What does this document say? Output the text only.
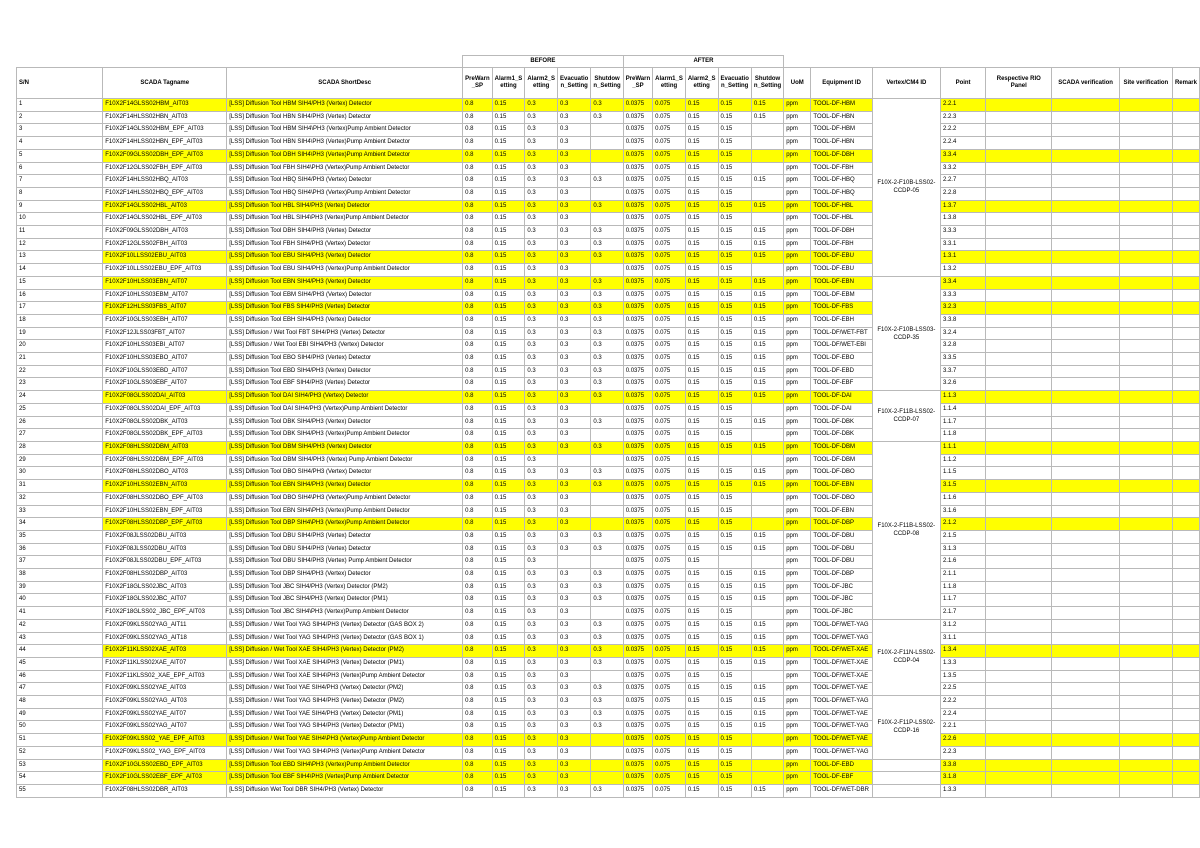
			BEFORE					AFTER												
S/N	SCADA Tagname	SCADA ShortDesc	PreWarn _SP	Alarm1_S etting	Alarm2_S etting	Evacuatio n_Setting	Shutdow n_Setting	PreWarn _SP	Alarm1_S etting	Alarm2_S etting	Evacuatio n_Setting	Shutdow n_Setting	UoM	Equipment ID	Vertex/CM4 ID	Point	Respective RIO Panel	SCADA verification	Site verification	Remark
1	F10X2F14GLSS02HBM_AIT03	[LSS] Diffusion Tool HBM SIH4/PH3 (Vertex) Detector	0.8	0.15	0.3	0.3	0.3	0.0375	0.075	0.15	0.15	0.15	ppm	TOOL-DF-HBM	F10X-2-F10B-LSS02-CCDP-05	2.2.1				
2	F10X2F14HLSS02HBN_AIT03	[LSS] Diffusion Tool HBN SIH4/PH3 (Vertex) Detector	0.8	0.15	0.3	0.3	0.3	0.0375	0.075	0.15	0.15	0.15	ppm	TOOL-DF-HBN		2.2.3				
3	F10X2F14GLSS02HBM_EPF_AIT03	[LSS] Diffusion Tool HBM SIH4\PH3 (Vertex)Pump Ambient Detector	0.8	0.15	0.3	0.3		0.0375	0.075	0.15	0.15		ppm	TOOL-DF-HBM		2.2.2				
4	F10X2F14HLSS02HBN_EPF_AIT03	[LSS] Diffusion Tool HBN SIH4\PH3 (Vertex)Pump Ambient Detector	0.8	0.15	0.3	0.3		0.0375	0.075	0.15	0.15		ppm	TOOL-DF-HBN		2.2.4				
5	F10X2F09GLSS02DBH_EPF_AIT03	[LSS] Diffusion Tool DBH SIH4\PH3 (Vertex)Pump Ambient Detector	0.8	0.15	0.3	0.3		0.0375	0.075	0.15	0.15		ppm	TOOL-DF-DBH		3.3.4				
6	F10X2F12GLSS02FBH_EPF_AIT03	[LSS] Diffusion Tool FBH SIH4\PH3 (Vertex)Pump Ambient Detector	0.8	0.15	0.3	0.3		0.0375	0.075	0.15	0.15		ppm	TOOL-DF-FBH		3.3.2				
7	F10X2F14HLSS02HBQ_AIT03	[LSS] Diffusion Tool HBQ SIH4/PH3 (Vertex) Detector	0.8	0.15	0.3	0.3	0.3	0.0375	0.075	0.15	0.15	0.15	ppm	TOOL-DF-HBQ		2.2.7				
8	F10X2F14HLSS02HBQ_EPF_AIT03	[LSS] Diffusion Tool HBQ SIH4\PH3 (Vertex)Pump Ambient Detector	0.8	0.15	0.3	0.3		0.0375	0.075	0.15	0.15		ppm	TOOL-DF-HBQ		2.2.8				
9	F10X2F14GLSS02HBL_AIT03	[LSS] Diffusion Tool HBL SIH4/PH3 (Vertex) Detector	0.8	0.15	0.3	0.3	0.3	0.0375	0.075	0.15	0.15	0.15	ppm	TOOL-DF-HBL		1.3.7				
10	F10X2F14GLSS02HBL_EPF_AIT03	[LSS] Diffusion Tool HBL SIH4\PH3 (Vertex)Pump Ambient Detector	0.8	0.15	0.3	0.3		0.0375	0.075	0.15	0.15		ppm	TOOL-DF-HBL		1.3.8				
11	F10X2F09GLSS02DBH_AIT03	[LSS] Diffusion Tool DBH SIH4/PH3 (Vertex) Detector	0.8	0.15	0.3	0.3	0.3	0.0375	0.075	0.15	0.15	0.15	ppm	TOOL-DF-DBH		3.3.3				
12	F10X2F12GLSS02FBH_AIT03	[LSS] Diffusion Tool FBH SIH4/PH3 (Vertex) Detector	0.8	0.15	0.3	0.3	0.3	0.0375	0.075	0.15	0.15	0.15	ppm	TOOL-DF-FBH		3.3.1				
13	F10X2F10LLSS02EBU_AIT03	[LSS] Diffusion Tool EBU SIH4/PH3 (Vertex) Detector	0.8	0.15	0.3	0.3	0.3	0.0375	0.075	0.15	0.15	0.15	ppm	TOOL-DF-EBU		1.3.1				
14	F10X2F10LLSS02EBU_EPF_AIT03	[LSS] Diffusion Tool EBU SIH4/PH3 (Vertex)Pump Ambient Detector	0.8	0.15	0.3	0.3		0.0375	0.075	0.15	0.15		ppm	TOOL-DF-EBU		1.3.2				
15	F10X2F10HLSS03EBN_AIT07	[LSS] Diffusion Tool EBN SIH4/PH3 (Vertex) Detector	0.8	0.15	0.3	0.3	0.3	0.0375	0.075	0.15	0.15	0.15	ppm	TOOL-DF-EBN	F10X-2-F10B-LSS03-CCDP-35	3.3.4				
16	F10X2F10HLSS03EBM_AIT07	[LSS] Diffusion Tool EBM SIH4/PH3 (Vertex) Detector	0.8	0.15	0.3	0.3	0.3	0.0375	0.075	0.15	0.15	0.15	ppm	TOOL-DF-EBM		3.3.3				
17	F10X2F12HLSS03FBS_AIT07	[LSS] Diffusion Tool FBS SIH4/PH3 (Vertex) Detector	0.8	0.15	0.3	0.3	0.3	0.0375	0.075	0.15	0.15	0.15	ppm	TOOL-DF-FBS		3.2.3				
18	F10X2F10GLSS03EBH_AIT07	[LSS] Diffusion Tool EBH SIH4/PH3 (Vertex) Detector	0.8	0.15	0.3	0.3	0.3	0.0375	0.075	0.15	0.15	0.15	ppm	TOOL-DF-EBH		3.3.8				
19	F10X2F12JLSS03FBT_AIT07	[LSS] Diffusion / Wet Tool FBT SIH4/PH3 (Vertex) Detector	0.8	0.15	0.3	0.3	0.3	0.0375	0.075	0.15	0.15	0.15	ppm	TOOL-DF/WET-FBT		3.2.4				
20	F10X2F10HLSS03EBI_AIT07	[LSS] Diffusion / Wet Tool EBI SIH4/PH3 (Vertex) Detector	0.8	0.15	0.3	0.3	0.3	0.0375	0.075	0.15	0.15	0.15	ppm	TOOL-DF/WET-EBI		3.2.8				
21	F10X2F10HLSS03EBO_AIT07	[LSS] Diffusion Tool EBO SIH4/PH3 (Vertex) Detector	0.8	0.15	0.3	0.3	0.3	0.0375	0.075	0.15	0.15	0.15	ppm	TOOL-DF-EBO		3.3.5				
22	F10X2F10GLSS03EBD_AIT07	[LSS] Diffusion Tool EBD SIH4/PH3 (Vertex) Detector	0.8	0.15	0.3	0.3	0.3	0.0375	0.075	0.15	0.15	0.15	ppm	TOOL-DF-EBD		3.3.7				
23	F10X2F10GLSS03EBF_AIT07	[LSS] Diffusion Tool EBF SIH4/PH3 (Vertex) Detector	0.8	0.15	0.3	0.3	0.3	0.0375	0.075	0.15	0.15	0.15	ppm	TOOL-DF-EBF		3.2.6				
24	F10X2F08GLSS02DAI_AIT03	[LSS] Diffusion Tool DAI SIH4/PH3 (Vertex) Detector	0.8	0.15	0.3	0.3	0.3	0.0375	0.075	0.15	0.15	0.15	ppm	TOOL-DF-DAI	F10X-2-F11B-LSS02-CCDP-07	1.1.3				
25	F10X2F08GLSS02DAI_EPF_AIT03	[LSS] Diffusion Tool DAI SIH4/PH3 (Vertex)Pump Ambient Detector	0.8	0.15	0.3	0.3		0.0375	0.075	0.15	0.15		ppm	TOOL-DF-DAI		1.1.4				
26	F10X2F08GLSS02DBK_AIT03	[LSS] Diffusion Tool DBK SIH4/PH3 (Vertex) Detector	0.8	0.15	0.3	0.3	0.3	0.0375	0.075	0.15	0.15	0.15	ppm	TOOL-DF-DBK		1.1.7				
27	F10X2F08GLSS02DBK_EPF_AIT03	[LSS] Diffusion Tool DBK SIH4/PH3 (Vertex)Pump Ambient Detector	0.8	0.15	0.3	0.3		0.0375	0.075	0.15	0.15		ppm	TOOL-DF-DBK		1.1.8				
28	F10X2F08HLSS02DBM_AIT03	[LSS] Diffusion Tool DBM SIH4/PH3 (Vertex) Detector	0.8	0.15	0.3	0.3	0.3	0.0375	0.075	0.15	0.15	0.15	ppm	TOOL-DF-DBM	F10X-2-F11B-LSS02-CCDP-08	1.1.1				
29	F10X2F08HLSS02DBM_EPF_AIT03	[LSS] Diffusion Tool DBM SIH4/PH3 (Vertex) Pump Ambient Detector	0.8	0.15	0.3			0.0375	0.075	0.15			ppm	TOOL-DF-DBM		1.1.2				
30	F10X2F08HLSS02DBO_AIT03	[LSS] Diffusion Tool DBO SIH4/PH3 (Vertex) Detector	0.8	0.15	0.3	0.3	0.3	0.0375	0.075	0.15	0.15	0.15	ppm	TOOL-DF-DBO		1.1.5				
31	F10X2F10HLSS02EBN_AIT03	[LSS] Diffusion Tool EBN SIH4/PH3 (Vertex) Detector	0.8	0.15	0.3	0.3	0.3	0.0375	0.075	0.15	0.15	0.15	ppm	TOOL-DF-EBN		3.1.5				
32	F10X2F08HLSS02DBO_EPF_AIT03	[LSS] Diffusion Tool DBO SIH4\PH3 (Vertex)Pump Ambient Detector	0.8	0.15	0.3	0.3		0.0375	0.075	0.15	0.15		ppm	TOOL-DF-DBO		1.1.6				
33	F10X2F10HLSS02EBN_EPF_AIT03	[LSS] Diffusion Tool EBN SIH4\PH3 (Vertex)Pump Ambient Detector	0.8	0.15	0.3	0.3		0.0375	0.075	0.15	0.15		ppm	TOOL-DF-EBN		3.1.6				
34	F10X2F08HLSS02DBP_EPF_AIT03	[LSS] Diffusion Tool DBP SIH4\PH3 (Vertex)Pump Ambient Detector	0.8	0.15	0.3	0.3		0.0375	0.075	0.15	0.15		ppm	TOOL-DF-DBP		2.1.2				
35	F10X2F08JLSS02DBU_AIT03	[LSS] Diffusion Tool DBU SIH4/PH3 (Vertex) Detector	0.8	0.15	0.3	0.3	0.3	0.0375	0.075	0.15	0.15	0.15	ppm	TOOL-DF-DBU		2.1.5				
36	F10X2F08JLSS02DBU_AIT03	[LSS] Diffusion Tool DBU SIH4/PH3 (Vertex) Detector	0.8	0.15	0.3	0.3	0.3	0.0375	0.075	0.15	0.15	0.15	ppm	TOOL-DF-DBU		3.1.3				
37	F10X2F08JLSS02DBU_EPF_AIT03	[LSS] Diffusion Tool DBU SIH4/PH3 (Vertex) Pump Ambient Detector	0.8	0.15	0.3			0.0375	0.075	0.15			ppm	TOOL-DF-DBU		2.1.6				
38	F10X2F08HLSS02DBP_AIT03	[LSS] Diffusion Tool DBP SIH4/PH3 (Vertex) Detector	0.8	0.15	0.3	0.3	0.3	0.0375	0.075	0.15	0.15	0.15	ppm	TOOL-DF-DBP		2.1.1				
39	F10X2F18GLSS02JBC_AIT03	[LSS] Diffusion Tool JBC SIH4/PH3 (Vertex) Detector (PM2)	0.8	0.15	0.3	0.3	0.3	0.0375	0.075	0.15	0.15	0.15	ppm	TOOL-DF-JBC		1.1.8				
40	F10X2F18GLSS02JBC_AIT07	[LSS] Diffusion Tool JBC SIH4/PH3 (Vertex) Detector (PM1)	0.8	0.15	0.3	0.3	0.3	0.0375	0.075	0.15	0.15	0.15	ppm	TOOL-DF-JBC		1.1.7				
41	F10X2F18GLSS02_JBC_EPF_AIT03	[LSS] Diffusion Tool JBC SIH4\PH3 (Vertex)Pump Ambient Detector	0.8	0.15	0.3	0.3		0.0375	0.075	0.15	0.15		ppm	TOOL-DF-JBC		2.1.7				
42	F10X2F09KLSS02YAG_AIT11	[LSS] Diffusion / Wet Tool YAG SIH4/PH3 (Vertex) Detector (GAS BOX 2)	0.8	0.15	0.3	0.3	0.3	0.0375	0.075	0.15	0.15	0.15	ppm	TOOL-DF/WET-YAG	F10X-2-F11N-LSS02-CCDP-04	3.1.2				
43	F10X2F09KLSS02YAG_AIT18	[LSS] Diffusion / Wet Tool YAG SIH4/PH3 (Vertex) Detector (GAS BOX 1)	0.8	0.15	0.3	0.3	0.3	0.0375	0.075	0.15	0.15	0.15	ppm	TOOL-DF/WET-YAG		3.1.1				
44	F10X2F11KLSS02XAE_AIT03	[LSS] Diffusion / Wet Tool XAE SIH4/PH3 (Vertex) Detector (PM2)	0.8	0.15	0.3	0.3	0.3	0.0375	0.075	0.15	0.15	0.15	ppm	TOOL-DF/WET-XAE		1.3.4				
45	F10X2F11KLSS02XAE_AIT07	[LSS] Diffusion / Wet Tool XAE SIH4/PH3 (Vertex) Detector (PM1)	0.8	0.15	0.3	0.3	0.3	0.0375	0.075	0.15	0.15	0.15	ppm	TOOL-DF/WET-XAE		1.3.3				
46	F10X2F11KLSS02_XAE_EPF_AIT03	[LSS] Diffusion / Wet Tool XAE SIH4\PH3 (Vertex)Pump Ambient Detector	0.8	0.15	0.3	0.3		0.0375	0.075	0.15	0.15		ppm	TOOL-DF/WET-XAE		1.3.5				
47	F10X2F09KLSS02YAE_AIT03	[LSS] Diffusion / Wet Tool YAE SIH4/PH3 (Vertex) Detector (PM2)	0.8	0.15	0.3	0.3	0.3	0.0375	0.075	0.15	0.15	0.15	ppm	TOOL-DF/WET-YAE		2.2.5				
48	F10X2F09KLSS02YAG_AIT03	[LSS] Diffusion / Wet Tool YAG SIH4/PH3 (Vertex) Detector (PM2)	0.8	0.15	0.3	0.3	0.3	0.0375	0.075	0.15	0.15	0.15	ppm	TOOL-DF/WET-YAG	F10X-2-F11P-LSS02-CCDP-16	2.2.2				
49	F10X2F09KLSS02YAE_AIT07	[LSS] Diffusion / Wet Tool YAE SIH4/PH3 (Vertex) Detector (PM1)	0.8	0.15	0.3	0.3	0.3	0.0375	0.075	0.15	0.15	0.15	ppm	TOOL-DF/WET-YAE		2.2.4				
50	F10X2F09KLSS02YAG_AIT07	[LSS] Diffusion / Wet Tool YAG SIH4/PH3 (Vertex) Detector (PM1)	0.8	0.15	0.3	0.3	0.3	0.0375	0.075	0.15	0.15	0.15	ppm	TOOL-DF/WET-YAG		2.2.1				
51	F10X2F09KLSS02_YAE_EPF_AIT03	[LSS] Diffusion / Wet Tool YAE SIH4\PH3 (Vertex)Pump Ambient Detector	0.8	0.15	0.3	0.3		0.0375	0.075	0.15	0.15		ppm	TOOL-DF/WET-YAE		2.2.6				
52	F10X2F09KLSS02_YAG_EPF_AIT03	[LSS] Diffusion / Wet Tool YAG SIH4\PH3 (Vertex)Pump Ambient Detector	0.8	0.15	0.3	0.3		0.0375	0.075	0.15	0.15		ppm	TOOL-DF/WET-YAG		2.2.3				
53	F10X2F10GLSS02EBD_EPF_AIT03	[LSS] Diffusion Tool EBD SIH4\PH3 (Vertex)Pump Ambient Detector	0.8	0.15	0.3	0.3		0.0375	0.075	0.15	0.15		ppm	TOOL-DF-EBD		3.3.8				
54	F10X2F10GLSS02EBF_EPF_AIT03	[LSS] Diffusion Tool EBF SIH4\PH3 (Vertex)Pump Ambient Detector	0.8	0.15	0.3	0.3		0.0375	0.075	0.15	0.15		ppm	TOOL-DF-EBF		3.1.8				
55	F10X2F08HLSS02DBR_AIT03	[LSS] Diffusion Wet Tool DBR SIH4/PH3 (Vertex) Detector	0.8	0.15	0.3	0.3	0.3	0.0375	0.075	0.15	0.15	0.15	ppm	TOOL-DF/WET-DBR		1.3.3				
